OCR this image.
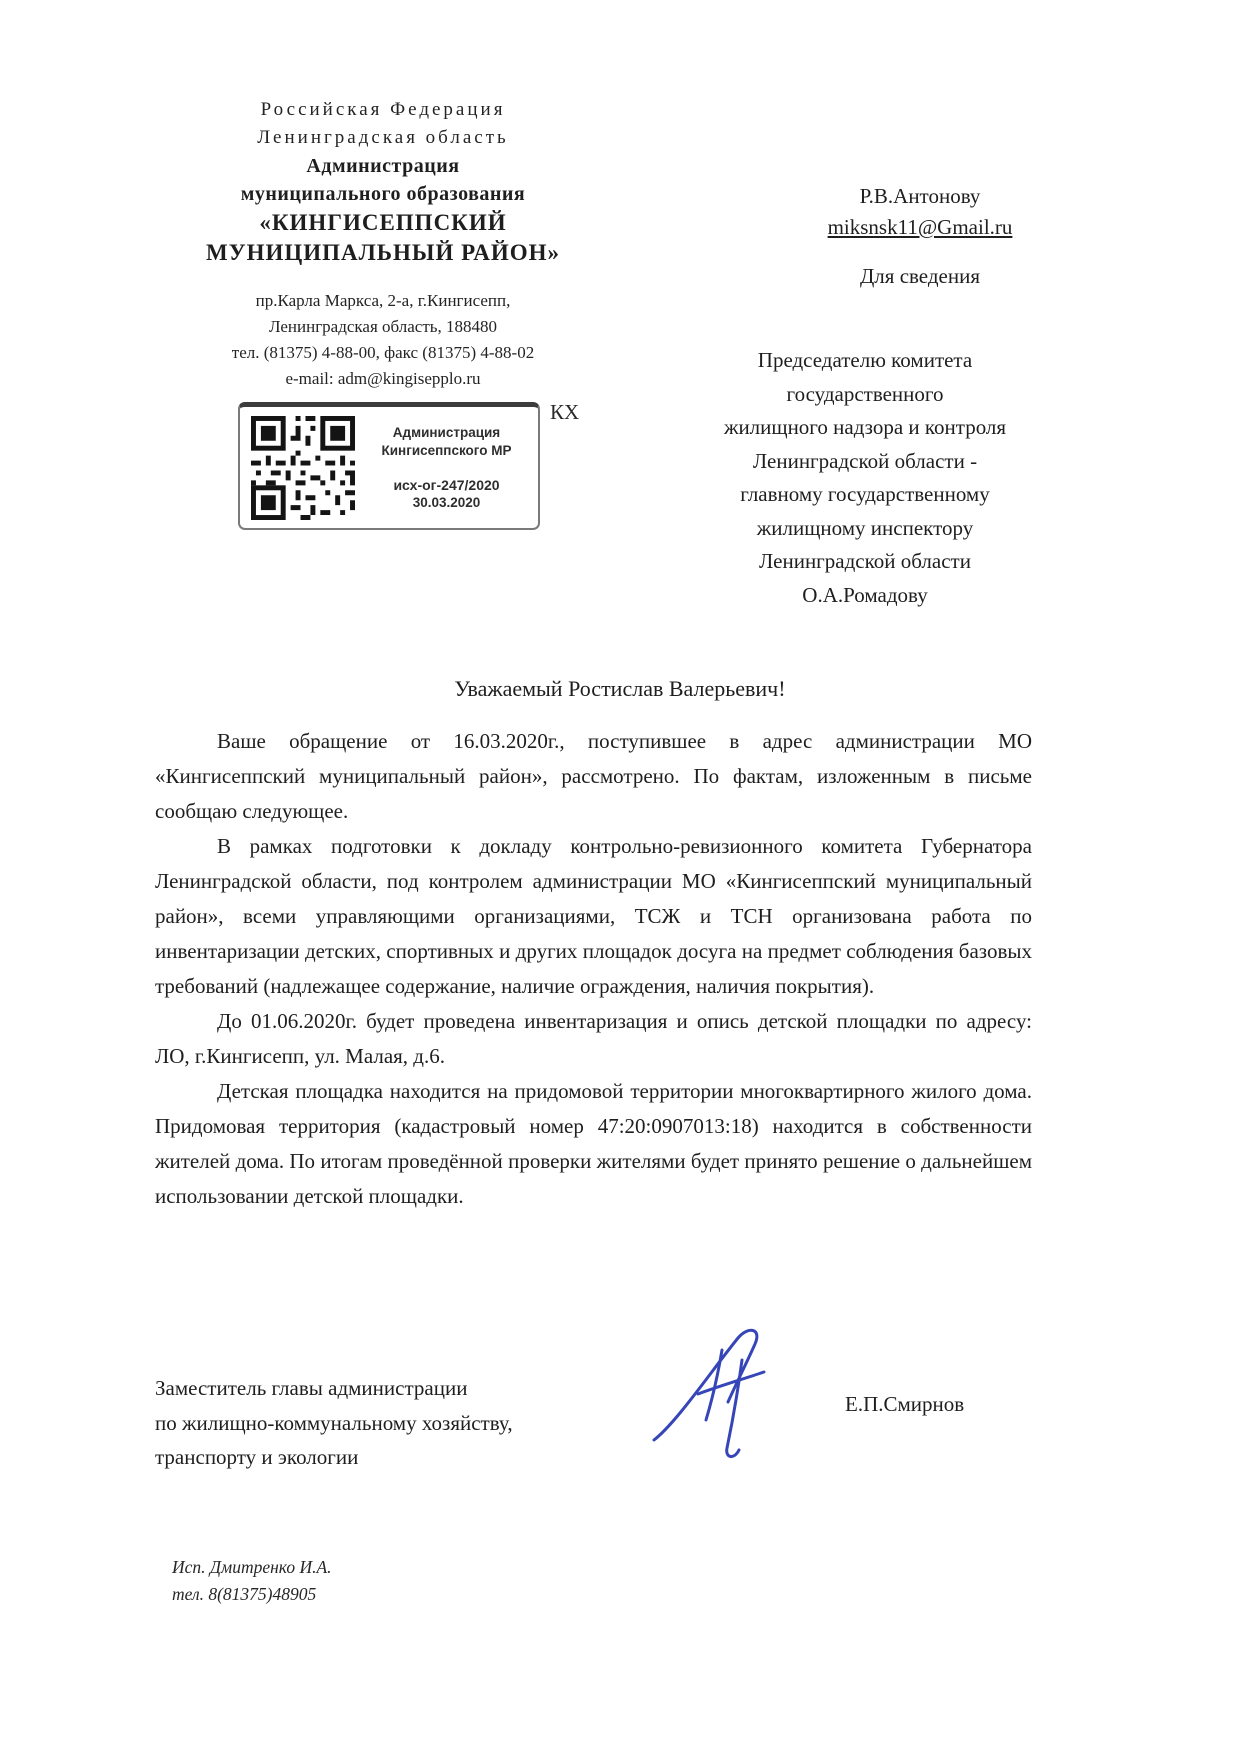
Российская Федерация
Ленинградская область
Администрация
муниципального образования
«КИНГИСЕППСКИЙ
МУНИЦИПАЛЬНЫЙ РАЙОН»
пр.Карла Маркса, 2-а, г.Кингисепп,
Ленинградская область, 188480
тел. (81375) 4-88-00, факс (81375) 4-88-02
e-mail: adm@kingisepplo.ru
Р.В.Антонову
miksnsk11@Gmail.ru
Для сведения
Председателю комитета
государственного
жилищного надзора и контроля
Ленинградской области -
главному государственному
жилищному инспектору
Ленинградской области
О.А.Ромадову
Администрация
Кингисеппского МР
исх-ог-247/2020
30.03.2020
КХ
Уважаемый Ростислав Валерьевич!

Ваше обращение от 16.03.2020г., поступившее в адрес администрации МО «Кингисеппский муниципальный район», рассмотрено. По фактам, изложенным в письме сообщаю следующее.

В рамках подготовки к докладу контрольно-ревизионного комитета Губернатора Ленинградской области, под контролем администрации МО «Кингисеппский муниципальный район», всеми управляющими организациями, ТСЖ и ТСН организована работа по инвентаризации детских, спортивных и других площадок досуга на предмет соблюдения базовых требований (надлежащее содержание, наличие ограждения, наличия покрытия).

До 01.06.2020г. будет проведена инвентаризация и опись детской площадки по адресу: ЛО, г.Кингисепп, ул. Малая, д.6.

Детская площадка находится на придомовой территории многоквартирного жилого дома. Придомовая территория (кадастровый номер 47:20:0907013:18) находится в собственности жителей дома. По итогам проведённой проверки жителями будет принято решение о дальнейшем использовании детской площадки.

Заместитель главы администрации
по жилищно-коммунальному хозяйству,
транспорту и экологии
Е.П.Смирнов
Исп. Дмитренко И.А.
тел. 8(81375)48905
